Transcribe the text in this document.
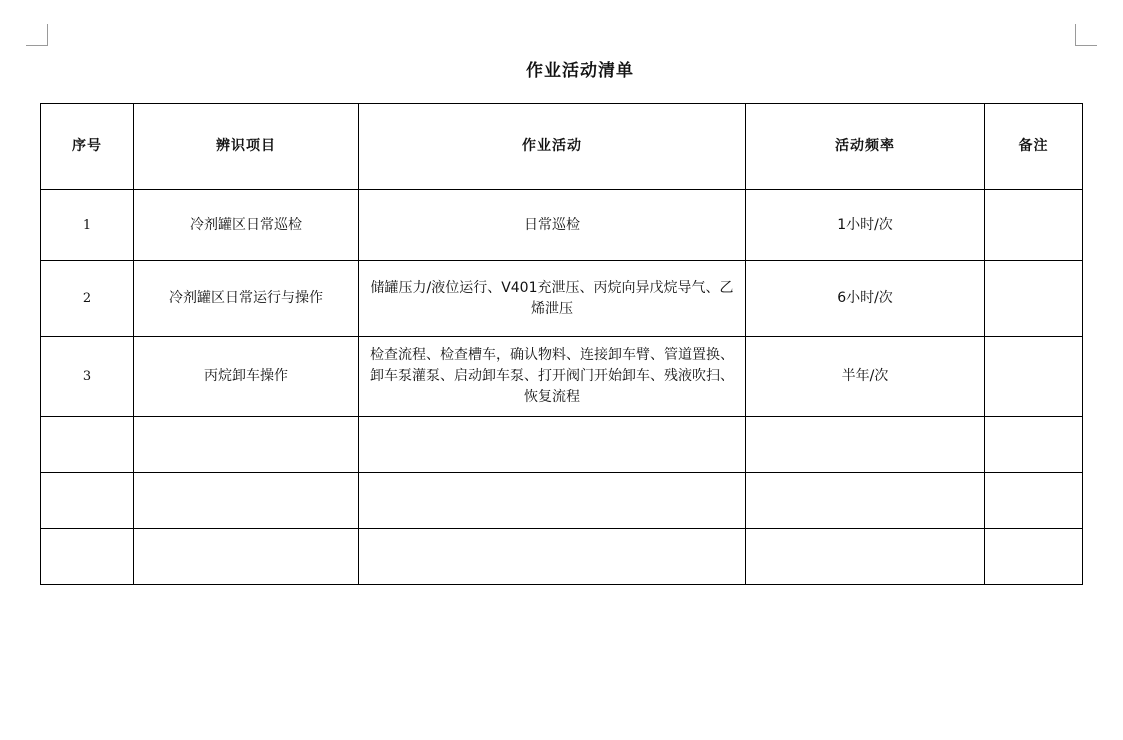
作业活动清单
序号	辨识项目	作业活动	活动频率	备注
1	冷剂罐区日常巡检	日常巡检	1小时/次	
2	冷剂罐区日常运行与操作	储罐压力/液位运行、V401充泄压、丙烷向异戊烷导气、乙烯泄压	6小时/次	
3	丙烷卸车操作	检查流程、检查槽车，确认物料、连接卸车臂、管道置换、卸车泵灌泵、启动卸车泵、打开阀门开始卸车、残液吹扫、恢复流程	半年/次	
